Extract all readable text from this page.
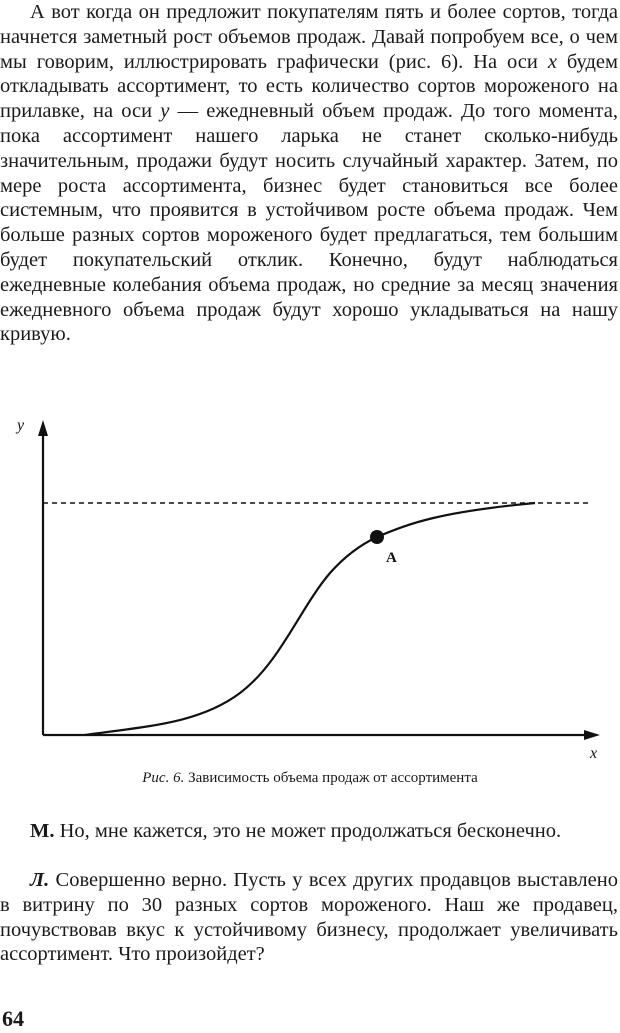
А вот когда он предложит покупателям пять и более сортов, тогда начнется заметный рост объемов продаж. Давай попробуем все, о чем мы говорим, иллюстрировать графически (рис. 6). На оси x будем откладывать ассортимент, то есть количество сортов мороженого на прилавке, на оси y — ежедневный объем продаж. До того момента, пока ассортимент нашего ларька не станет сколько-нибудь значительным, продажи будут носить случайный характер. Затем, по мере роста ассортимента, бизнес будет становиться все более системным, что проявится в устойчивом росте объема продаж. Чем больше разных сортов мороженого будет предлагаться, тем большим будет покупательский отклик. Конечно, будут наблюдаться ежедневные колебания объема продаж, но средние за месяц значения ежедневного объема продаж будут хорошо укладываться на нашу кривую.

A
y
x
Рис. 6. Зависимость объема продаж от ассортимента

М. Но, мне кажется, это не может продолжаться бесконечно.

Л. Совершенно верно. Пусть у всех других продавцов выставлено в витрину по 30 разных сортов мороженого. Наш же продавец, почувствовав вкус к устойчивому бизнесу, продолжает увеличивать ассортимент. Что произойдет?

64
